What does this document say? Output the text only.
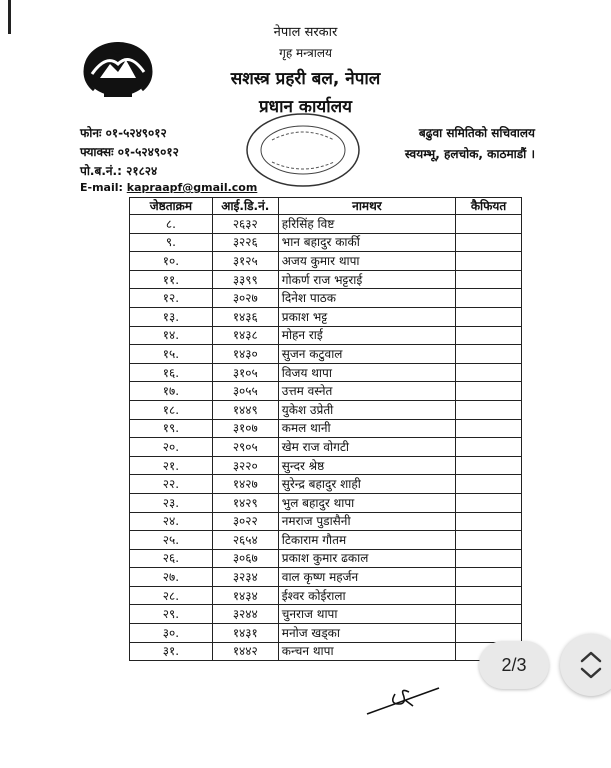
नेपाल सरकार
गृह मन्त्रालय
सशस्त्र प्रहरी बल, नेपाल
प्रधान कार्यालय
फोनः ०१-५२४९०१२
फ्याक्सः ०१-५२४९०१२
पो.ब.नं.: २१८२४
E-mail: kapraapf@gmail.com
बढुवा समितिको सचिवालय
स्वयम्भू, हलचोक, काठमाडौं ।
जेष्ठताक्रम	आई.डि.नं.	नामथर	कैफियत
८.	२६३२	हरिसिंह विष्ट	
९.	३२२६	भान बहादुर कार्की	
१०.	३१२५	अजय कुमार थापा	
११.	३३९९	गोकर्ण राज भट्टराई	
१२.	३०२७	दिनेश पाठक	
१३.	१४३६	प्रकाश भट्ट	
१४.	१४३८	मोहन राई	
१५.	१४३०	सुजन कटुवाल	
१६.	३१०५	विजय थापा	
१७.	३०५५	उत्तम वस्नेत	
१८.	१४४९	युकेश उप्रेती	
१९.	३१०७	कमल थानी	
२०.	२९०५	खेम राज वोगटी	
२१.	३२२०	सुन्दर श्रेष्ठ	
२२.	१४२७	सुरेन्द्र बहादुर शाही	
२३.	१४२९	भुल बहादुर थापा	
२४.	३०२२	नमराज पुडासैनी	
२५.	२६५४	टिकाराम गौतम	
२६.	३०६७	प्रकाश कुमार ढकाल	
२७.	३२३४	वाल कृष्ण महर्जन	
२८.	१४३४	ईश्वर कोईराला	
२९.	३२४४	चुनराज थापा	
३०.	१४३१	मनोज खड्का	
३१.	१४४२	कन्चन थापा	
2/3
